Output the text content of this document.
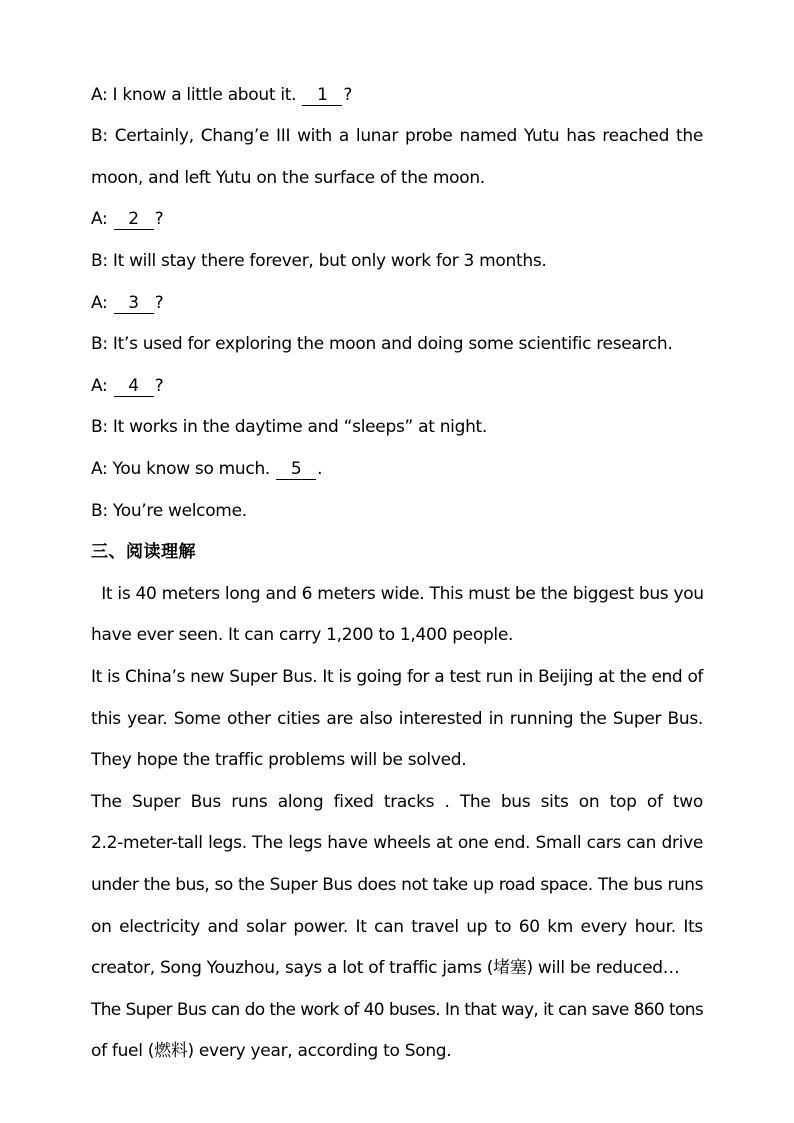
A: I know a little about it. 1 ?
B: Certainly, Chang’e III with a lunar probe named Yutu has reached the
moon, and left Yutu on the surface of the moon.
A: 2 ?
B: It will stay there forever, but only work for 3 months.
A: 3 ?
B: It’s used for exploring the moon and doing some scientific research.
A: 4 ?
B: It works in the daytime and “sleeps” at night.
A: You know so much. 5 .
B: You’re welcome.
三、阅读理解
It is 40 meters long and 6 meters wide. This must be the biggest bus you
have ever seen. It can carry 1,200 to 1,400 people.
It is China’s new Super Bus. It is going for a test run in Beijing at the end of
this year. Some other cities are also interested in running the Super Bus.
They hope the traffic problems will be solved.
The Super Bus runs along fixed tracks . The bus sits on top of two
2.2-meter-tall legs. The legs have wheels at one end. Small cars can drive
under the bus, so the Super Bus does not take up road space. The bus runs
on electricity and solar power. It can travel up to 60 km every hour. Its
creator, Song Youzhou, says a lot of traffic jams (堵塞) will be reduced…
The Super Bus can do the work of 40 buses. In that way, it can save 860 tons
of fuel (燃料) every year, according to Song.
